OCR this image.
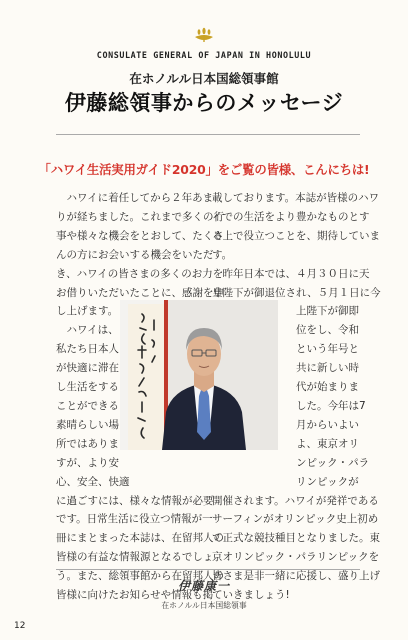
CONSULATE GENERAL OF JAPAN IN HONOLULU
在ホノルル日本国総領事館
伊藤総領事からのメッセージ
「ハワイ生活実用ガイド2020」をご覧の皆様、こんにちは!

　ハワイに着任してから２年あま

りが経ちました。これまで多くの行

事や様々な機会をとおして、たくさ

んの方にお会いする機会をいただ

き、ハワイの皆さまの多くのお力を

お借りいただいたことに、感謝を申

し上げます。

　ハワイは、

私たち日本人

が快適に滞在

し生活をする

ことができる

素晴らしい場

所ではありま

すが、より安

心、安全、快適

に過ごすには、様々な情報が必要

です。日常生活に役立つ情報が一

冊にまとまった本誌は、在留邦人の

皆様の有益な情報源となるでしょ

う。また、総領事館から在留邦人の

皆様に向けたお知らせや情報も掲

載しております。本誌が皆様のハワ

イでの生活をより豊かなものとす

る上で役立つことを、期待していま

す。

　昨年日本では、４月３０日に天

皇陛下が御退位され、５月１日に今

上陛下が御即

位をし、令和

という年号と

共に新しい時

代が始まりま

した。今年は7

月からいよい

よ、東京オリ

ンピック・パラ

リンピックが

開催されます。ハワイが発祥である

サーフィンがオリンピック史上初め

て正式な競技種目となりました。東

京オリンピック・パラリンピックを

皆さま是非一緒に応援し、盛り上げ

ていきましょう!

伊藤康一
在ホノルル日本国総領事
12
